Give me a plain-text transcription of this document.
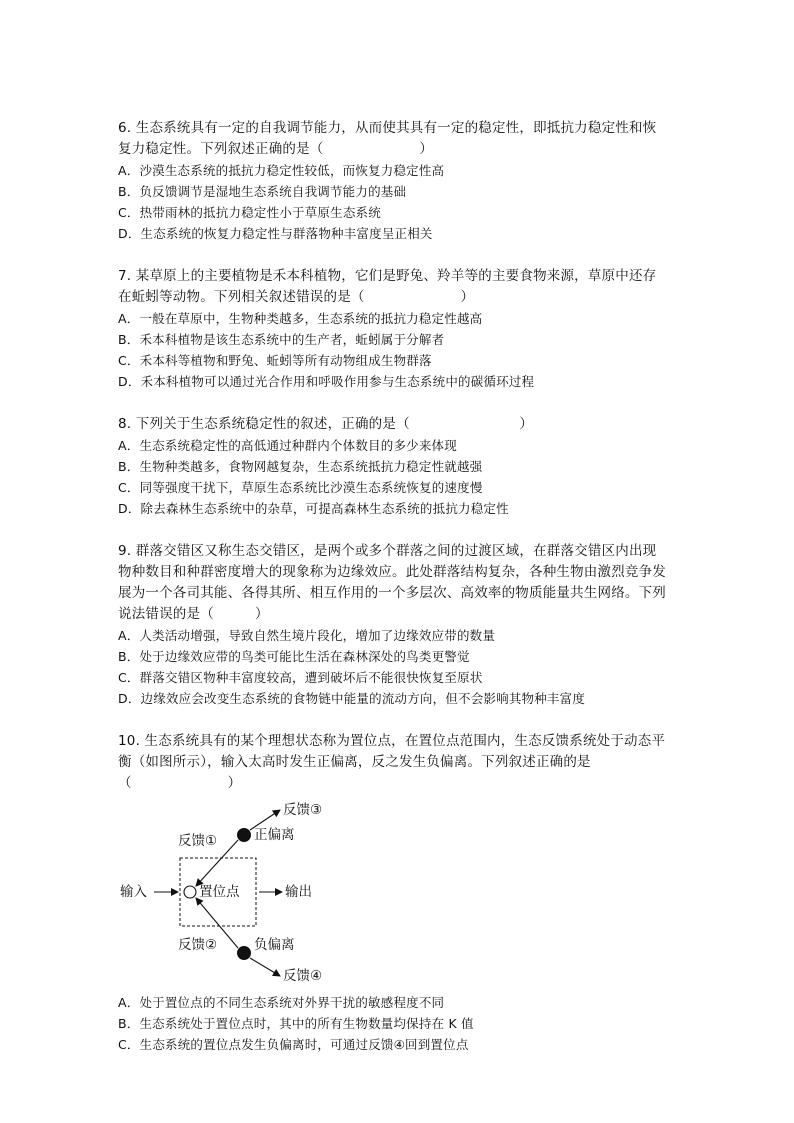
6. 生态系统具有一定的自我调节能力，从而使其具有一定的稳定性，即抵抗力稳定性和恢
复力稳定性。下列叙述正确的是（　　　　　　　）
A．沙漠生态系统的抵抗力稳定性较低，而恢复力稳定性高
B．负反馈调节是湿地生态系统自我调节能力的基础
C．热带雨林的抵抗力稳定性小于草原生态系统
D．生态系统的恢复力稳定性与群落物种丰富度呈正相关
7. 某草原上的主要植物是禾本科植物，它们是野兔、羚羊等的主要食物来源，草原中还存
在蚯蚓等动物。下列相关叙述错误的是（　　　　　　　）
A．一般在草原中，生物种类越多，生态系统的抵抗力稳定性越高
B．禾本科植物是该生态系统中的生产者，蚯蚓属于分解者
C．禾本科等植物和野兔、蚯蚓等所有动物组成生物群落
D．禾本科植物可以通过光合作用和呼吸作用参与生态系统中的碳循环过程
8. 下列关于生态系统稳定性的叙述，正确的是（　　　　　　　　）
A．生态系统稳定性的高低通过种群内个体数目的多少来体现
B．生物种类越多，食物网越复杂，生态系统抵抗力稳定性就越强
C．同等强度干扰下，草原生态系统比沙漠生态系统恢复的速度慢
D．除去森林生态系统中的杂草，可提高森林生态系统的抵抗力稳定性
9. 群落交错区又称生态交错区，是两个或多个群落之间的过渡区域，在群落交错区内出现
物种数目和种群密度增大的现象称为边缘效应。此处群落结构复杂，各种生物由激烈竞争发
展为一个各司其能、各得其所、相互作用的一个多层次、高效率的物质能量共生网络。下列
说法错误的是（　　　）
A．人类活动增强，导致自然生境片段化，增加了边缘效应带的数量
B．处于边缘效应带的鸟类可能比生活在森林深处的鸟类更警觉
C．群落交错区物种丰富度较高，遭到破坏后不能很快恢复至原状
D．边缘效应会改变生态系统的食物链中能量的流动方向，但不会影响其物种丰富度
10. 生态系统具有的某个理想状态称为置位点，在置位点范围内，生态反馈系统处于动态平
衡（如图所示），输入太高时发生正偏离，反之发生负偏离。下列叙述正确的是
（　　　　　　　）
输入	置位点	输出
反馈①	正偏离
反馈③
反馈②	负偏离
反馈④
A．处于置位点的不同生态系统对外界干扰的敏感程度不同
B．生态系统处于置位点时，其中的所有生物数量均保持在 K 值
C．生态系统的置位点发生负偏离时，可通过反馈④回到置位点
